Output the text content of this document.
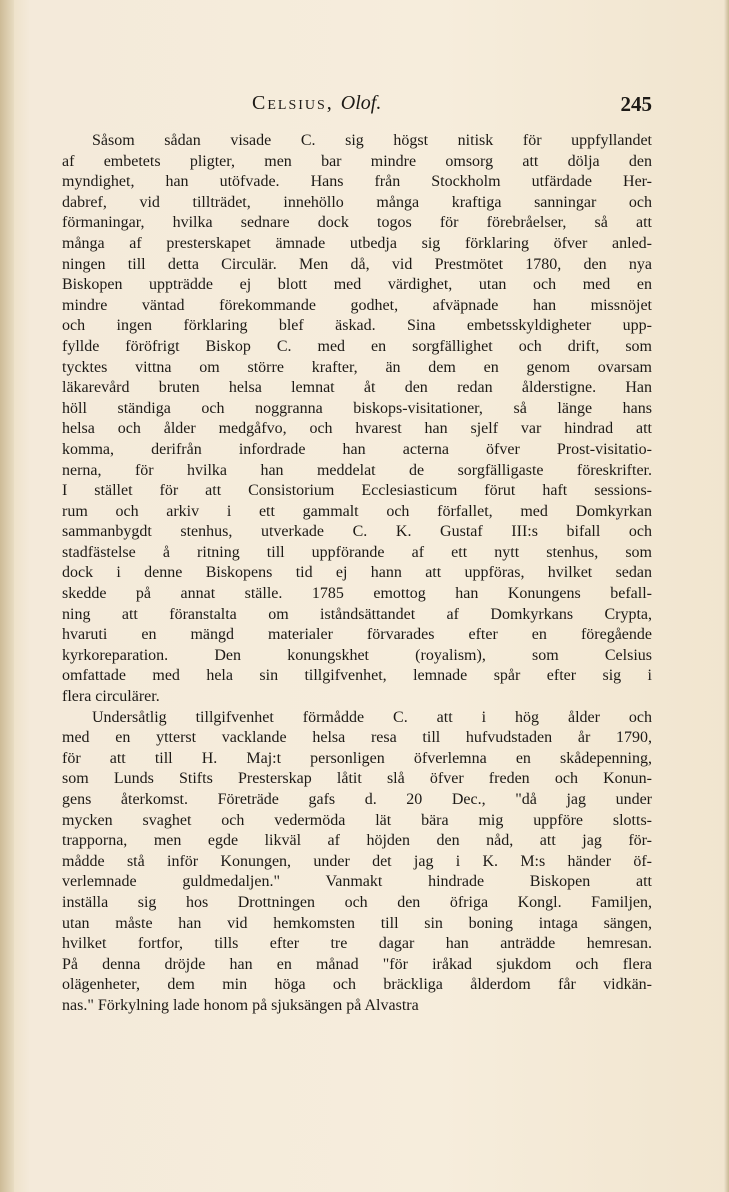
Celsius, Olof.	245
Såsom sådan visade C. sig högst nitisk för uppfyllandet
af embetets pligter, men bar mindre omsorg att dölja den
myndighet, han utöfvade. Hans från Stockholm utfärdade Her-
dabref, vid tillträdet, innehöllo många kraftiga sanningar och
förmaningar, hvilka sednare dock togos för förebråelser, så att
många af presterskapet ämnade utbedja sig förklaring öfver anled-
ningen till detta Circulär. Men då, vid Prestmötet 1780, den nya
Biskopen uppträdde ej blott med värdighet, utan och med en
mindre väntad förekommande godhet, afväpnade han missnöjet
och ingen förklaring blef äskad. Sina embetsskyldigheter upp-
fyllde föröfrigt Biskop C. med en sorgfällighet och drift, som
tycktes vittna om större krafter, än dem en genom ovarsam
läkarevård bruten helsa lemnat åt den redan ålderstigne. Han
höll ständiga och noggranna biskops-visitationer, så länge hans
helsa och ålder medgåfvo, och hvarest han sjelf var hindrad att
komma, derifrån infordrade han acterna öfver Prost-visitatio-
nerna, för hvilka han meddelat de sorgfälligaste föreskrifter.
I stället för att Consistorium Ecclesiasticum förut haft sessions-
rum och arkiv i ett gammalt och förfallet, med Domkyrkan
sammanbygdt stenhus, utverkade C. K. Gustaf III:s bifall och
stadfästelse å ritning till uppförande af ett nytt stenhus, som
dock i denne Biskopens tid ej hann att uppföras, hvilket sedan
skedde på annat ställe. 1785 emottog han Konungens befall-
ning att föranstalta om iståndsättandet af Domkyrkans Crypta,
hvaruti en mängd materialer förvarades efter en föregående
kyrkoreparation. Den konungskhet (royalism), som Celsius
omfattade med hela sin tillgifvenhet, lemnade spår efter sig i
flera circulärer.
Undersåtlig tillgifvenhet förmådde C. att i hög ålder och
med en ytterst vacklande helsa resa till hufvudstaden år 1790,
för att till H. Maj:t personligen öfverlemna en skådepenning,
som Lunds Stifts Presterskap låtit slå öfver freden och Konun-
gens återkomst. Företräde gafs d. 20 Dec., "då jag under
mycken svaghet och vedermöda lät bära mig uppföre slotts-
trapporna, men egde likväl af höjden den nåd, att jag för-
mådde stå inför Konungen, under det jag i K. M:s händer öf-
verlemnade guldmedaljen." Vanmakt hindrade Biskopen att
inställa sig hos Drottningen och den öfriga Kongl. Familjen,
utan måste han vid hemkomsten till sin boning intaga sängen,
hvilket fortfor, tills efter tre dagar han anträdde hemresan.
På denna dröjde han en månad "för iråkad sjukdom och flera
olägenheter, dem min höga och bräckliga ålderdom får vidkän-
nas." Förkylning lade honom på sjuksängen på Alvastra
